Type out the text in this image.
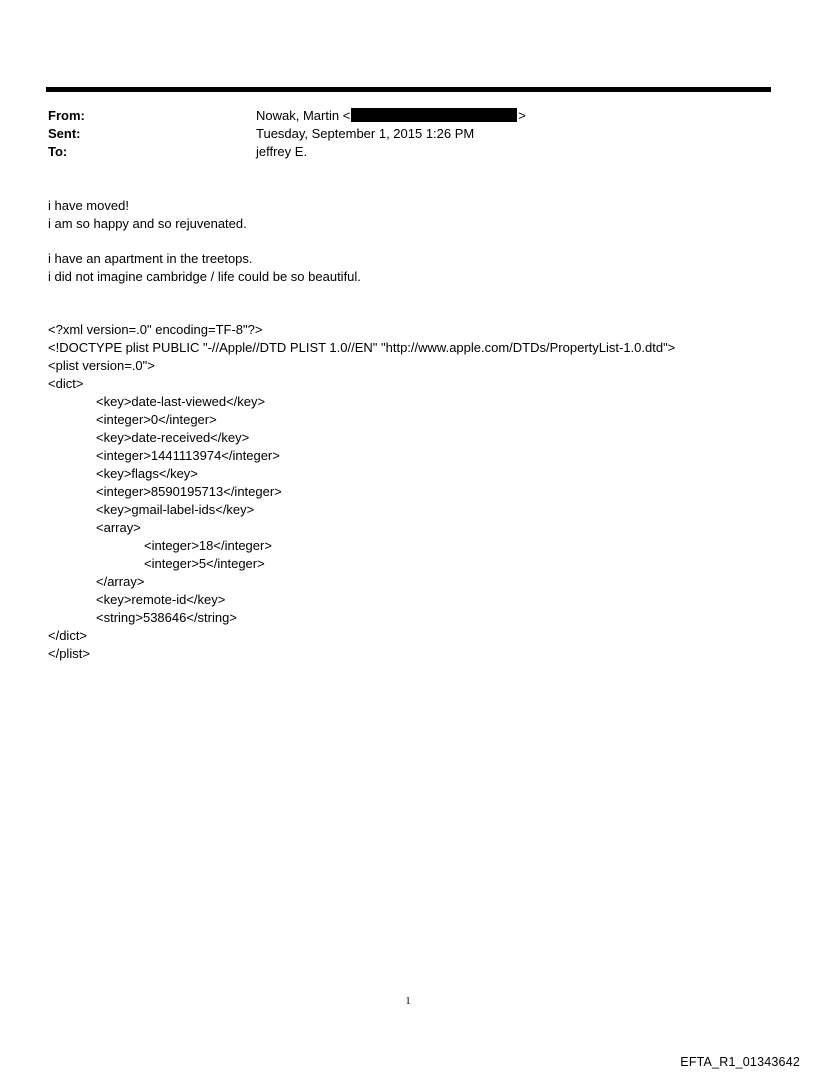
From:	Nowak, Martin <	>
Sent:	Tuesday, September 1, 2015 1:26 PM
To:	jeffrey E.

i have moved!

i am so happy and so rejuvenated.

i have an apartment in the treetops.

i did not imagine cambridge / life could be so beautiful.

<?xml version=.0" encoding=TF-8"?>
<!DOCTYPE plist PUBLIC "-//Apple//DTD PLIST 1.0//EN" "http://www.apple.com/DTDs/PropertyList-1.0.dtd">
<plist version=.0">
<dict>
<key>date-last-viewed</key>
<integer>0</integer>
<key>date-received</key>
<integer>1441113974</integer>
<key>flags</key>
<integer>8590195713</integer>
<key>gmail-label-ids</key>
<array>
<integer>18</integer>
<integer>5</integer>
</array>
<key>remote-id</key>
<string>538646</string>
</dict>
</plist>
1
EFTA_R1_01343642
